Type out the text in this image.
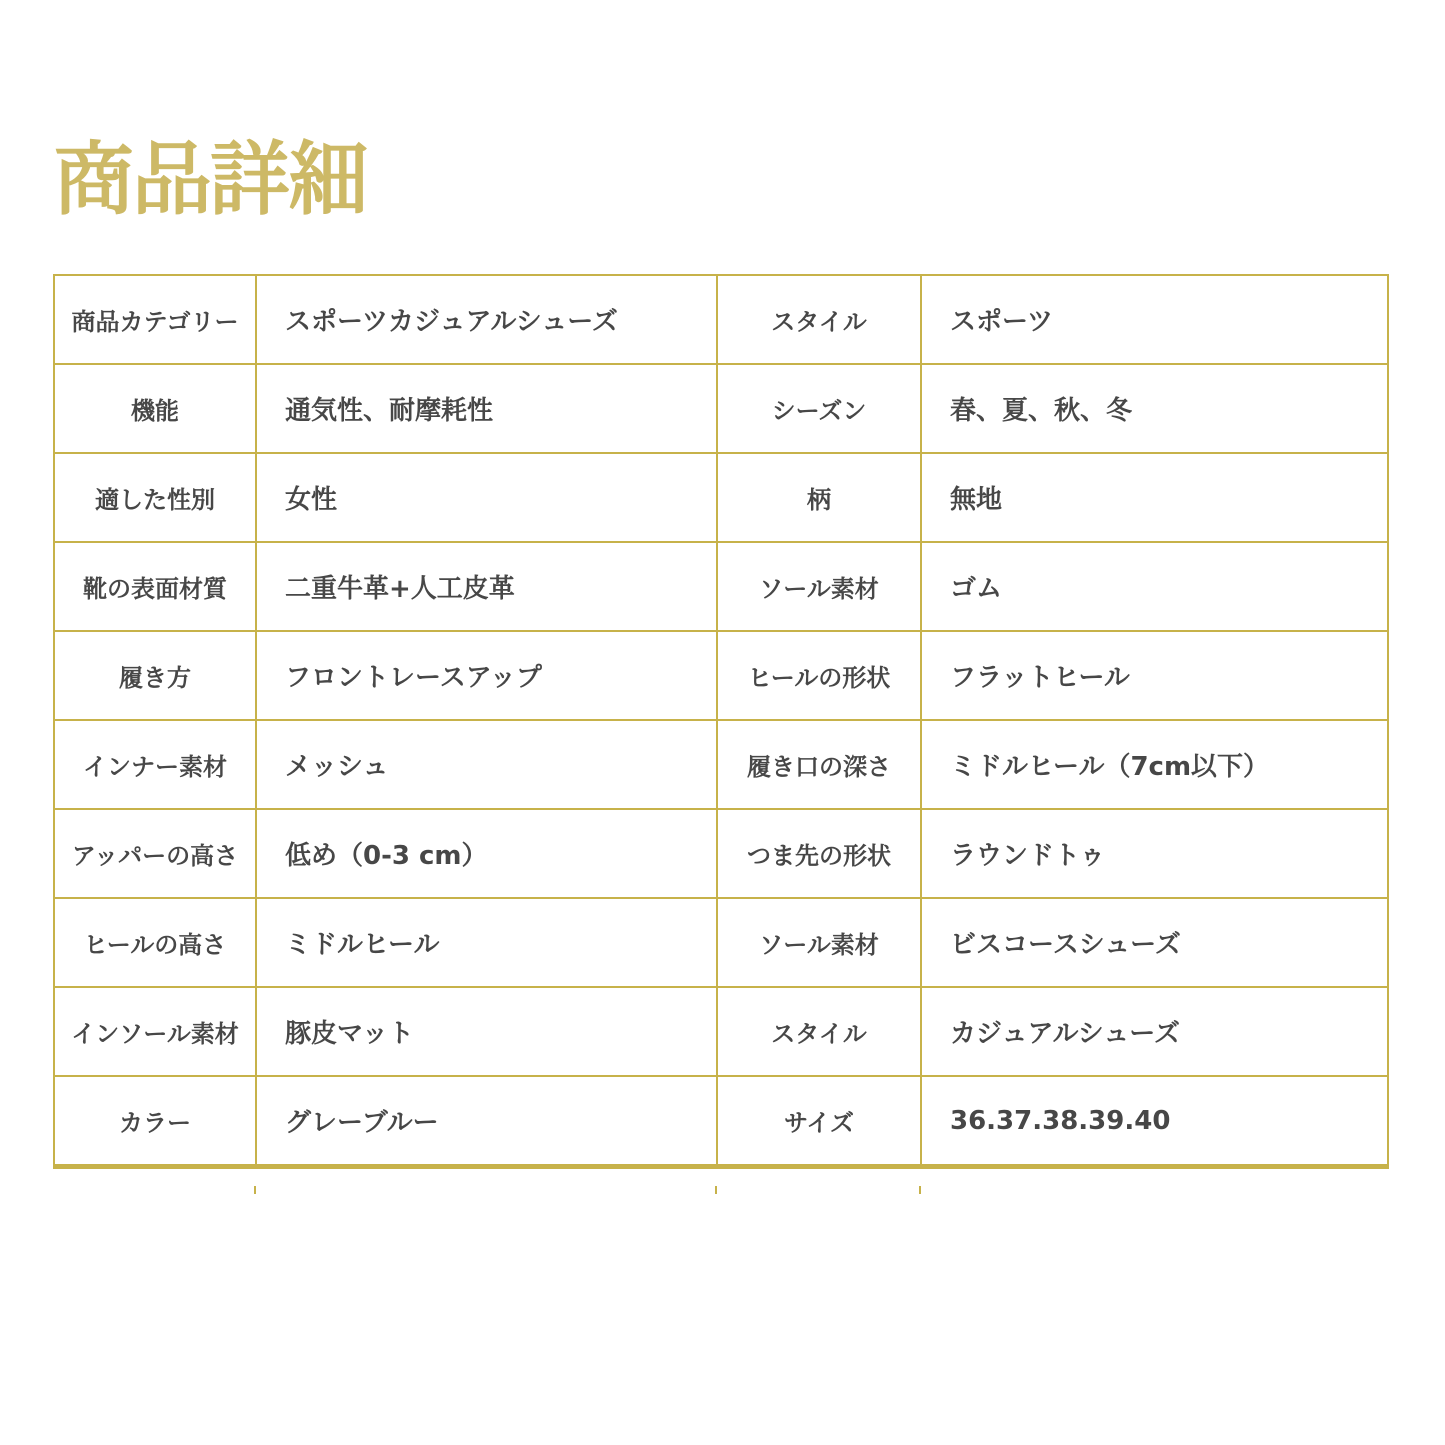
商品詳細
商品カテゴリー	スポーツカジュアルシューズ	スタイル	スポーツ
機能	通気性、耐摩耗性	シーズン	春、夏、秋、冬
適した性別	女性	柄	無地
靴の表面材質	二重牛革+人工皮革	ソール素材	ゴム
履き方	フロントレースアップ	ヒールの形状	フラットヒール
インナー素材	メッシュ	履き口の深さ	ミドルヒール（7cm以下）
アッパーの高さ	低め（0-3 cm）	つま先の形状	ラウンドトゥ
ヒールの高さ	ミドルヒール	ソール素材	ビスコースシューズ
インソール素材	豚皮マット	スタイル	カジュアルシューズ
カラー	グレーブルー	サイズ	36.37.38.39.40
